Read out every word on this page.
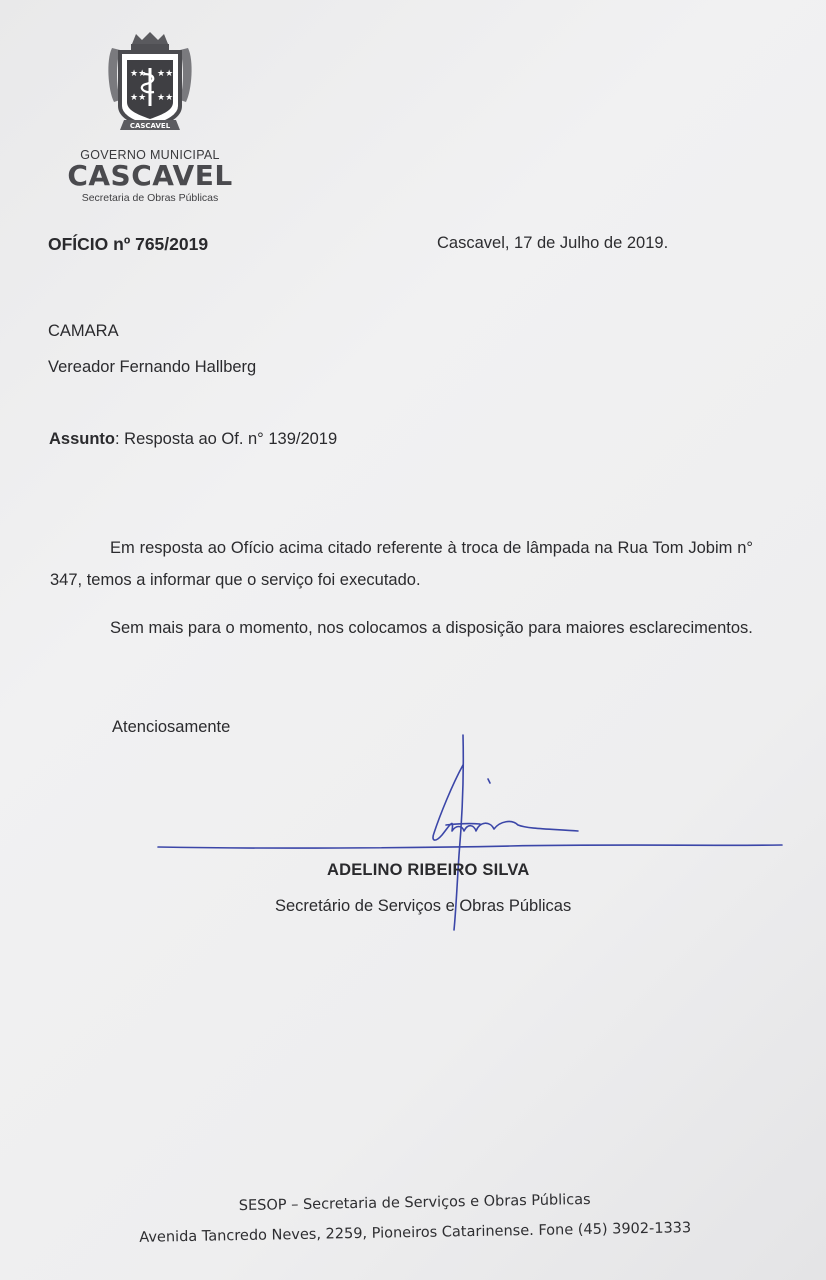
★★ ★★
★★ ★★
CASCAVEL
GOVERNO MUNICIPAL
CASCAVEL
Secretaria de Obras Públicas
OFÍCIO nº 765/2019	Cascavel, 17 de Julho de 2019.
CAMARA
Vereador Fernando Hallberg
Assunto: Resposta ao Of. n° 139/2019
Em resposta ao Ofício acima citado referente à troca de lâmpada na Rua Tom Jobim n° 347, temos a informar que o serviço foi executado.
Sem mais para o momento, nos colocamos a disposição para maiores esclarecimentos.
Atenciosamente
ADELINO RIBEIRO SILVA
Secretário de Serviços e Obras Públicas
SESOP – Secretaria de Serviços e Obras Públicas
Avenida Tancredo Neves, 2259, Pioneiros Catarinense. Fone (45) 3902-1333
